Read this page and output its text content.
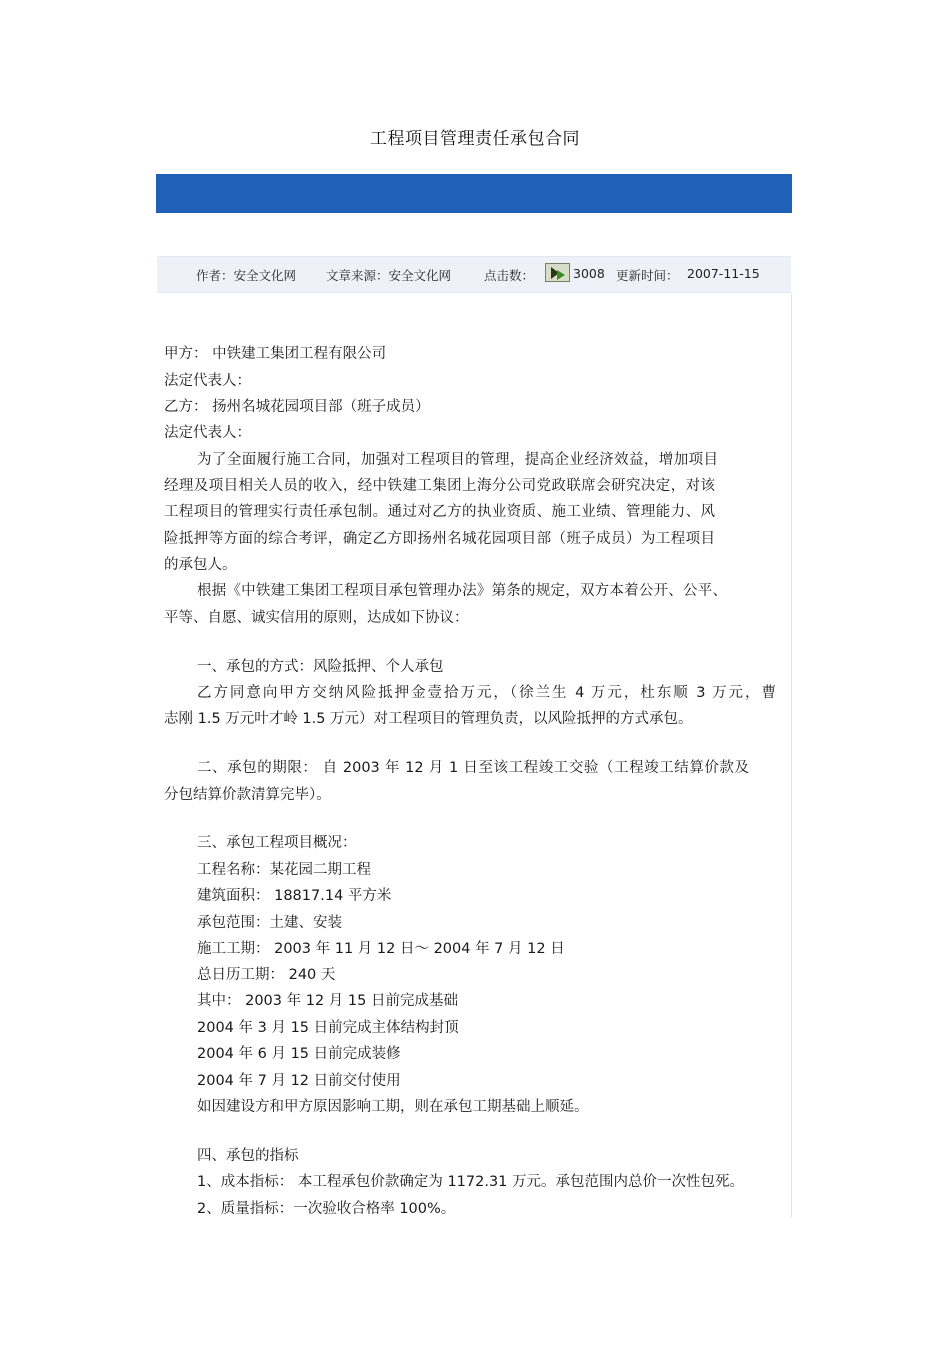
工程项目管理责任承包合同
作者：安全文化网 文章来源：安全文化网	点击数：	3008 更新时间： 2007-11-15
甲方： 中铁建工集团工程有限公司
法定代表人：
乙方： 扬州名城花园项目部（班子成员）
法定代表人：
为了全面履行施工合同，加强对工程项目的管理，提高企业经济效益，增加项目
经理及项目相关人员的收入，经中铁建工集团上海分公司党政联席会研究决定，对该
工程项目的管理实行责任承包制。通过对乙方的执业资质、施工业绩、管理能力、风
险抵押等方面的综合考评，确定乙方即扬州名城花园项目部（班子成员）为工程项目
的承包人。
根据《中铁建工集团工程项目承包管理办法》第条的规定，双方本着公开、公平、
平等、自愿、诚实信用的原则，达成如下协议：
一、承包的方式：风险抵押、个人承包
乙方同意向甲方交纳风险抵押金壹拾万元，（徐兰生 4 万元，杜东顺 3 万元，曹
志刚 1.5 万元叶才岭 1.5 万元）对工程项目的管理负责，以风险抵押的方式承包。
二、承包的期限： 自 2003 年 12 月 1 日至该工程竣工交验（工程竣工结算价款及
分包结算价款清算完毕）。
三、承包工程项目概况：
工程名称：某花园二期工程
建筑面积： 18817.14 平方米
承包范围：土建、安装
施工工期： 2003 年 11 月 12 日～ 2004 年 7 月 12 日
总日历工期： 240 天
其中： 2003 年 12 月 15 日前完成基础
2004 年 3 月 15 日前完成主体结构封顶
2004 年 6 月 15 日前完成装修
2004 年 7 月 12 日前交付使用
如因建设方和甲方原因影响工期，则在承包工期基础上顺延。
四、承包的指标
1、成本指标： 本工程承包价款确定为 1172.31 万元。承包范围内总价一次性包死。
2、质量指标：一次验收合格率 100%。
